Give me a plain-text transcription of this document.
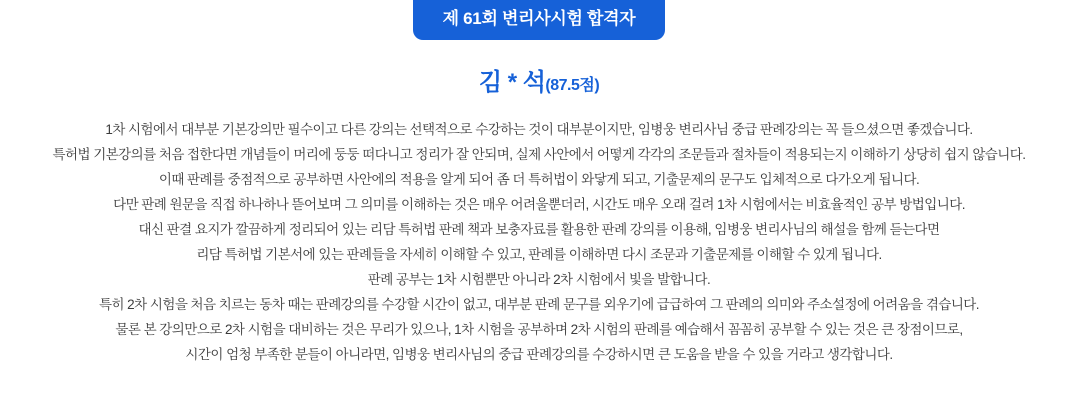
제 61회 변리사시험 합격자
김 * 석(87.5점)
1차 시험에서 대부분 기본강의만 필수이고 다른 강의는 선택적으로 수강하는 것이 대부분이지만, 임병웅 변리사님 중급 판례강의는 꼭 들으셨으면 좋겠습니다.
특허법 기본강의를 처음 접한다면 개념들이 머리에 둥둥 떠다니고 정리가 잘 안되며, 실제 사안에서 어떻게 각각의 조문들과 절차들이 적용되는지 이해하기 상당히 쉽지 않습니다.
이때 판례를 중점적으로 공부하면 사안에의 적용을 알게 되어 좀 더 특허법이 와닿게 되고, 기출문제의 문구도 입체적으로 다가오게 됩니다.
다만 판례 원문을 직접 하나하나 뜯어보며 그 의미를 이해하는 것은 매우 어려울뿐더러, 시간도 매우 오래 걸려 1차 시험에서는 비효율적인 공부 방법입니다.
대신 판결 요지가 깔끔하게 정리되어 있는 리담 특허법 판례 책과 보충자료를 활용한 판례 강의를 이용해, 임병웅 변리사님의 해설을 함께 듣는다면
리담 특허법 기본서에 있는 판례들을 자세히 이해할 수 있고, 판례를 이해하면 다시 조문과 기출문제를 이해할 수 있게 됩니다.
판례 공부는 1차 시험뿐만 아니라 2차 시험에서 빛을 발합니다.
특히 2차 시험을 처음 치르는 동차 때는 판례강의를 수강할 시간이 없고, 대부분 판례 문구를 외우기에 급급하여 그 판례의 의미와 주소설정에 어려움을 겪습니다.
물론 본 강의만으로 2차 시험을 대비하는 것은 무리가 있으나, 1차 시험을 공부하며 2차 시험의 판례를 예습해서 꼼꼼히 공부할 수 있는 것은 큰 장점이므로,
시간이 엄청 부족한 분들이 아니라면, 임병웅 변리사님의 중급 판례강의를 수강하시면 큰 도움을 받을 수 있을 거라고 생각합니다.
